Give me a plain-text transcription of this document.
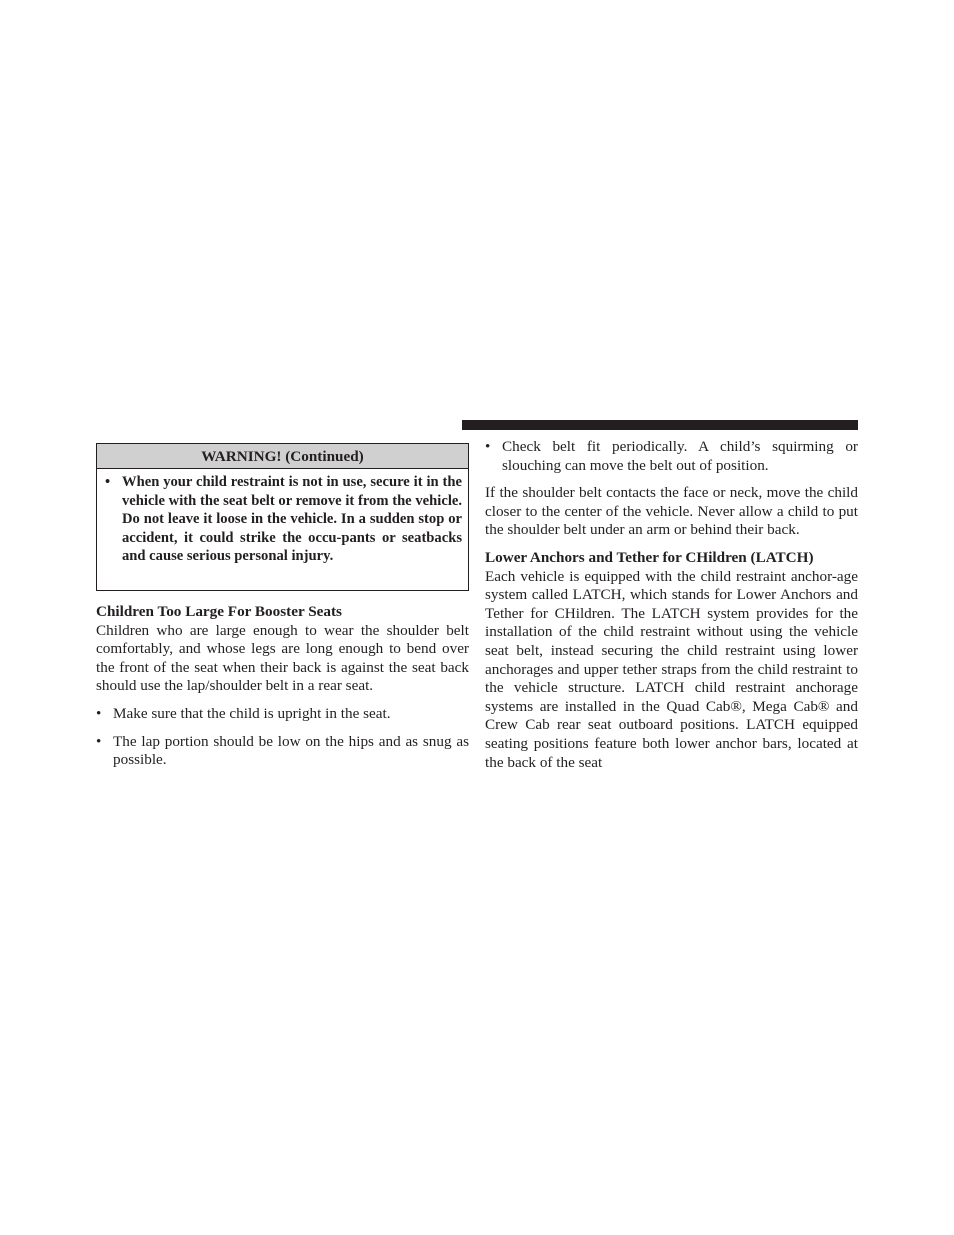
WARNING! (Continued)
• When your child restraint is not in use, secure it in the vehicle with the seat belt or remove it from the vehicle. Do not leave it loose in the vehicle. In a sudden stop or accident, it could strike the occu-pants or seatbacks and cause serious personal injury.
Children Too Large For Booster Seats

Children who are large enough to wear the shoulder belt comfortably, and whose legs are long enough to bend over the front of the seat when their back is against the seat back should use the lap/shoulder belt in a rear seat.

• Make sure that the child is upright in the seat.
• The lap portion should be low on the hips and as snug as possible.
• Check belt fit periodically. A child’s squirming or slouching can move the belt out of position.

If the shoulder belt contacts the face or neck, move the child closer to the center of the vehicle. Never allow a child to put the shoulder belt under an arm or behind their back.

Lower Anchors and Tether for CHildren (LATCH)

Each vehicle is equipped with the child restraint anchor-age system called LATCH, which stands for Lower Anchors and Tether for CHildren. The LATCH system provides for the installation of the child restraint without using the vehicle seat belt, instead securing the child restraint using lower anchorages and upper tether straps from the child restraint to the vehicle structure. LATCH child restraint anchorage systems are installed in the Quad Cab®, Mega Cab® and Crew Cab rear seat outboard positions. LATCH equipped seating positions feature both lower anchor bars, located at the back of the seat
